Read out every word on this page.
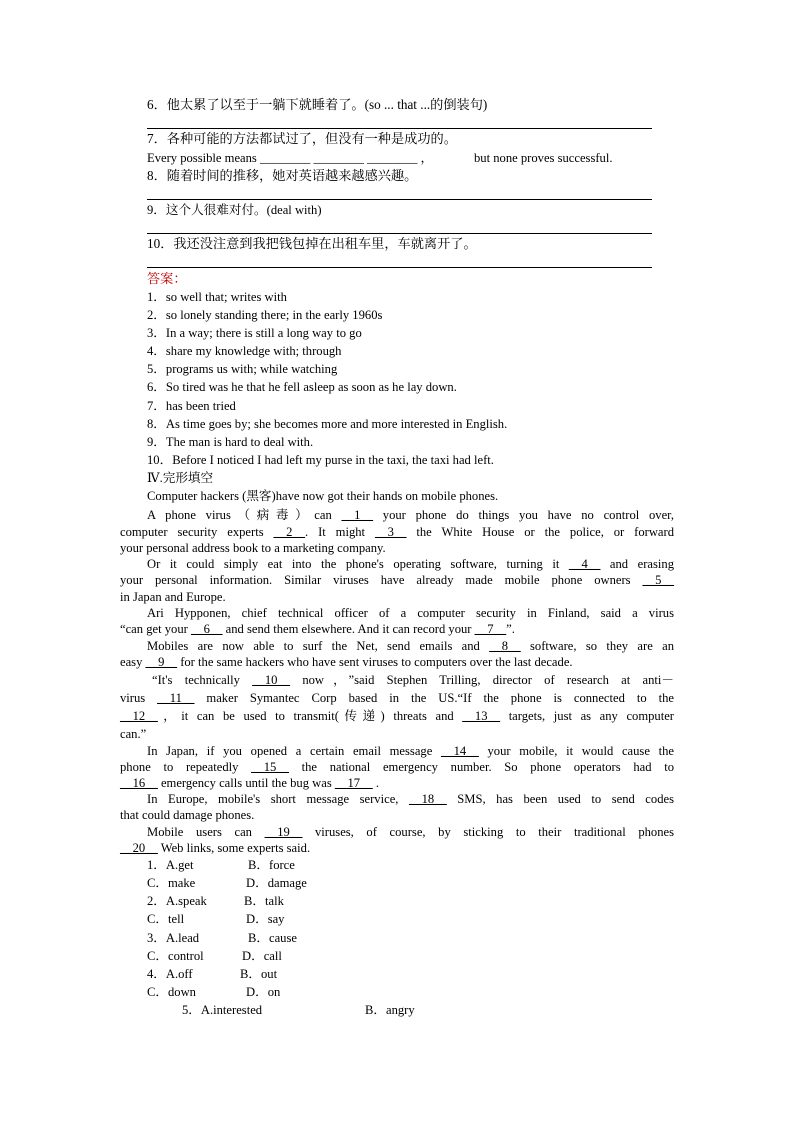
6．他太累了以至于一躺下就睡着了。(so ... that ...的倒装句)
7．各种可能的方法都试过了，但没有一种是成功的。
Every possible means ________ ________ ________ ，	but none proves successful.
8．随着时间的推移，她对英语越来越感兴趣。
9．这个人很难对付。(deal with)
10．我还没注意到我把钱包掉在出租车里，车就离开了。
答案：
1．so well that; writes with
2．so lonely standing there; in the early 1960s
3．In a way; there is still a long way to go
4．share my knowledge with; through
5．programs us with; while watching
6．So tired was he that he fell asleep as soon as he lay down.
7．has been tried
8．As time goes by; she becomes more and more interested in English.
9．The man is hard to deal with.
10．Before I noticed I had left my purse in the taxi, the taxi had left.
Ⅳ.完形填空
Computer hackers (黑客)have now got their hands on mobile phones.
A phone virus（病毒）can __1__ your phone do things you have no control over,
computer security experts __2__. It might __3__ the White House or the police, or forward
your personal address book to a marketing company.
Or it could simply eat into the phone's operating software, turning it __4__ and erasing
your personal information. Similar viruses have already made mobile phone owners __5__
in Japan and Europe.
Ari Hypponen, chief technical officer of a computer security in Finland, said a virus
“can get your __6__ and send them elsewhere. And it can record your __7__”.
Mobiles are now able to surf the Net, send emails and __8__ software, so they are an
easy __9__ for the same hackers who have sent viruses to computers over the last decade.
“It's technically __10__ now，”said Stephen Trilling, director of research at anti－
virus __11__ maker Symantec Corp based in the US.“If the phone is connected to the
__12__，it can be used to transmit(传递) threats and __13__ targets, just as any computer
can.”
In Japan, if you opened a certain email message __14__ your mobile, it would cause the
phone to repeatedly __15__ the national emergency number. So phone operators had to
__16__ emergency calls until the bug was __17__ .
In Europe, mobile's short message service, __18__ SMS, has been used to send codes
that could damage phones.
Mobile users can __19__ viruses, of course, by sticking to their traditional phones
__20__ Web links, some experts said.
1．A.get	B．force
C．make	D．damage
2．A.speak	B．talk
C．tell	D．say
3．A.lead	B．cause
C．control	D．call
4．A.off	B．out
C．down	D．on
5．A.interested	B．angry
